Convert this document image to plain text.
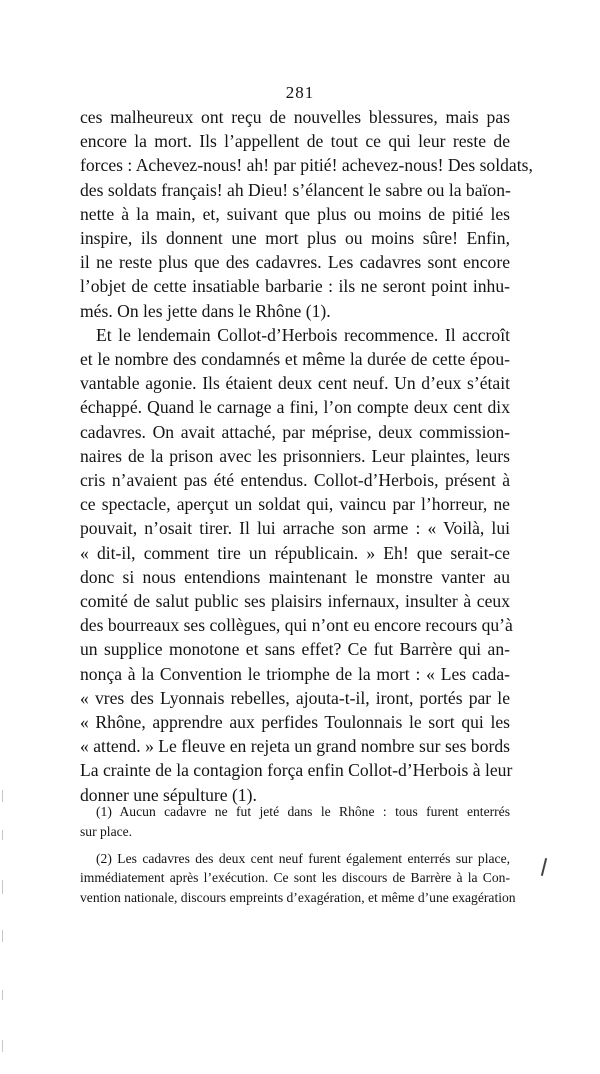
281
ces malheureux ont reçu de nouvelles blessures, mais pas
encore la mort. Ils l’appellent de tout ce qui leur reste de
forces : Achevez-nous! ah! par pitié! achevez-nous! Des soldats,
des soldats français! ah Dieu! s’élancent le sabre ou la baïon-
nette à la main, et, suivant que plus ou moins de pitié les
inspire, ils donnent une mort plus ou moins sûre! Enfin,
il ne reste plus que des cadavres. Les cadavres sont encore
l’objet de cette insatiable barbarie : ils ne seront point inhu-
més. On les jette dans le Rhône (1).
Et le lendemain Collot-d’Herbois recommence. Il accroît
et le nombre des condamnés et même la durée de cette épou-
vantable agonie. Ils étaient deux cent neuf. Un d’eux s’était
échappé. Quand le carnage a fini, l’on compte deux cent dix
cadavres. On avait attaché, par méprise, deux commission-
naires de la prison avec les prisonniers. Leur plaintes, leurs
cris n’avaient pas été entendus. Collot-d’Herbois, présent à
ce spectacle, aperçut un soldat qui, vaincu par l’horreur, ne
pouvait, n’osait tirer. Il lui arrache son arme : « Voilà, lui
« dit-il, comment tire un républicain. » Eh! que serait-ce
donc si nous entendions maintenant le monstre vanter au
comité de salut public ses plaisirs infernaux, insulter à ceux
des bourreaux ses collègues, qui n’ont eu encore recours qu’à
un supplice monotone et sans effet? Ce fut Barrère qui an-
nonça à la Convention le triomphe de la mort : « Les cada-
« vres des Lyonnais rebelles, ajouta-t-il, iront, portés par le
« Rhône, apprendre aux perfides Toulonnais le sort qui les
« attend. » Le fleuve en rejeta un grand nombre sur ses bords
La crainte de la contagion força enfin Collot-d’Herbois à leur
donner une sépulture (1).
(1) Aucun cadavre ne fut jeté dans le Rhône : tous furent enterrés
sur place.
(2) Les cadavres des deux cent neuf furent également enterrés sur place,
immédiatement après l’exécution. Ce sont les discours de Barrère à la Con-
vention nationale, discours empreints d’exagération, et même d’une exagération
